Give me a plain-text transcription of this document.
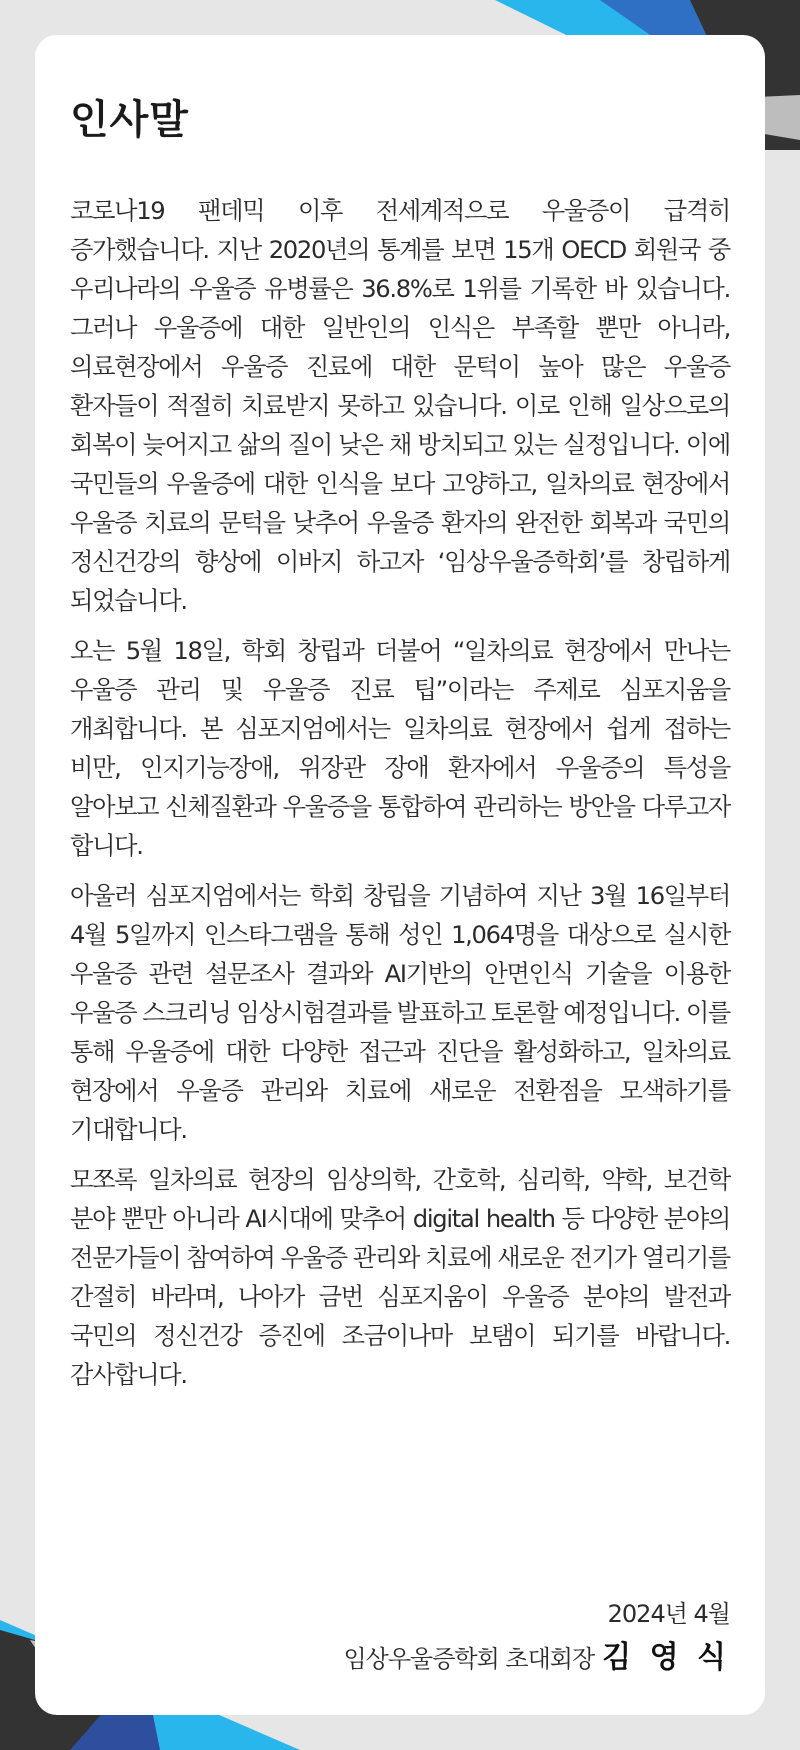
인사말

코로나19 팬데믹 이후 전세계적으로 우울증이 급격히 증가했습니다. 지난 2020년의 통계를 보면 15개 OECD 회원국 중 우리나라의 우울증 유병률은 36.8%로 1위를 기록한 바 있습니다. 그러나 우울증에 대한 일반인의 인식은 부족할 뿐만 아니라, 의료현장에서 우울증 진료에 대한 문턱이 높아 많은 우울증 환자들이 적절히 치료받지 못하고 있습니다. 이로 인해 일상으로의 회복이 늦어지고 삶의 질이 낮은 채 방치되고 있는 실정입니다. 이에 국민들의 우울증에 대한 인식을 보다 고양하고, 일차의료 현장에서 우울증 치료의 문턱을 낮추어 우울증 환자의 완전한 회복과 국민의 정신건강의 향상에 이바지 하고자 ‘임상우울증학회’를 창립하게 되었습니다.

오는 5월 18일, 학회 창립과 더불어 “일차의료 현장에서 만나는 우울증 관리 및 우울증 진료 팁”이라는 주제로 심포지움을 개최합니다. 본 심포지엄에서는 일차의료 현장에서 쉽게 접하는 비만, 인지기능장애, 위장관 장애 환자에서 우울증의 특성을 알아보고 신체질환과 우울증을 통합하여 관리하는 방안을 다루고자 합니다.

아울러 심포지엄에서는 학회 창립을 기념하여 지난 3월 16일부터 4월 5일까지 인스타그램을 통해 성인 1,064명을 대상으로 실시한 우울증 관련 설문조사 결과와 AI기반의 안면인식 기술을 이용한 우울증 스크리닝 임상시험결과를 발표하고 토론할 예정입니다. 이를 통해 우울증에 대한 다양한 접근과 진단을 활성화하고, 일차의료 현장에서 우울증 관리와 치료에 새로운 전환점을 모색하기를 기대합니다.

모쪼록 일차의료 현장의 임상의학, 간호학, 심리학, 약학, 보건학 분야 뿐만 아니라 AI시대에 맞추어 digital health 등 다양한 분야의 전문가들이 참여하여 우울증 관리와 치료에 새로운 전기가 열리기를 간절히 바라며, 나아가 금번 심포지움이 우울증 분야의 발전과 국민의 정신건강 증진에 조금이나마 보탬이 되기를 바랍니다. 감사합니다.

2024년 4월
임상우울증학회 초대회장 김 영 식
